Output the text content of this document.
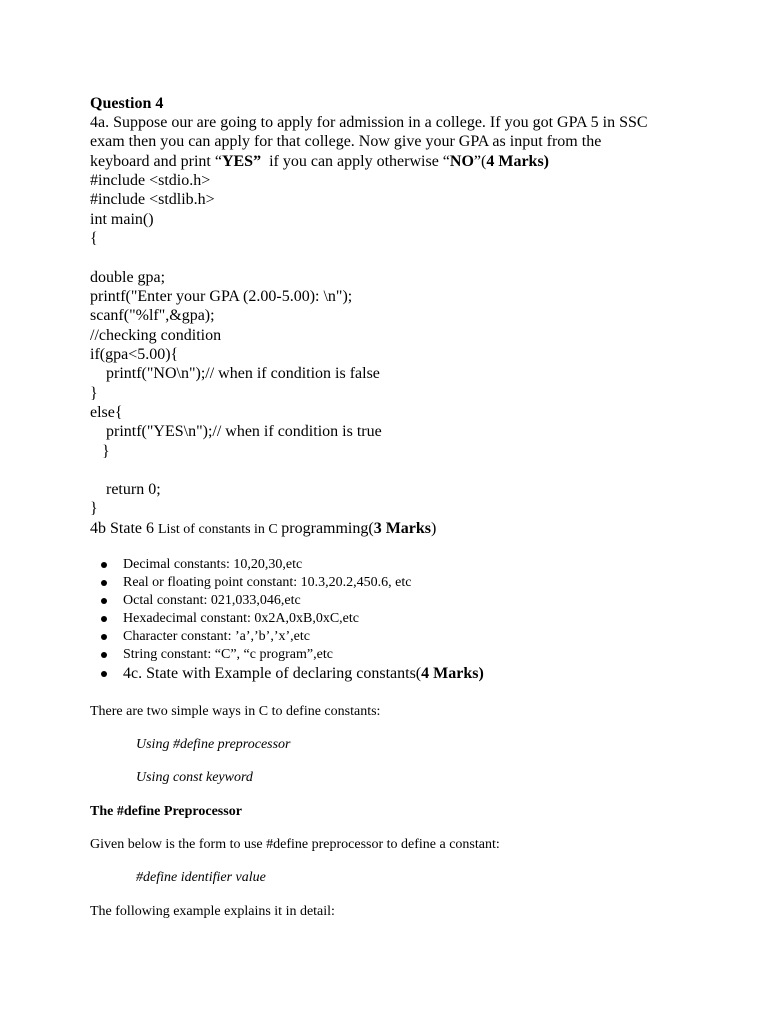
Question 4
4a. Suppose our are going to apply for admission in a college. If you got GPA 5 in SSC
exam then you can apply for that college. Now give your GPA as input from the
keyboard and print “YES”  if you can apply otherwise “NO”(4 Marks)
#include <stdio.h>
#include <stdlib.h>
int main()
{
double gpa;
printf("Enter your GPA (2.00-5.00): \n");
scanf("%lf",&gpa);
//checking condition
if(gpa<5.00){
printf("NO\n");// when if condition is false
}
else{
printf("YES\n");// when if condition is true
}
return 0;
}
4b State 6 List of constants in C programming(3 Marks)
Decimal constants: 10,20,30,etc
Real or floating point constant: 10.3,20.2,450.6, etc
Octal constant: 021,033,046,etc
Hexadecimal constant: 0x2A,0xB,0xC,etc
Character constant: ’a’,’b’,’x’,etc
String constant: “C”, “c program”,etc
4c. State with Example of declaring constants(4 Marks)
There are two simple ways in C to define constants:
Using #define preprocessor
Using const keyword
The #define Preprocessor
Given below is the form to use #define preprocessor to define a constant:
#define identifier value
The following example explains it in detail:
